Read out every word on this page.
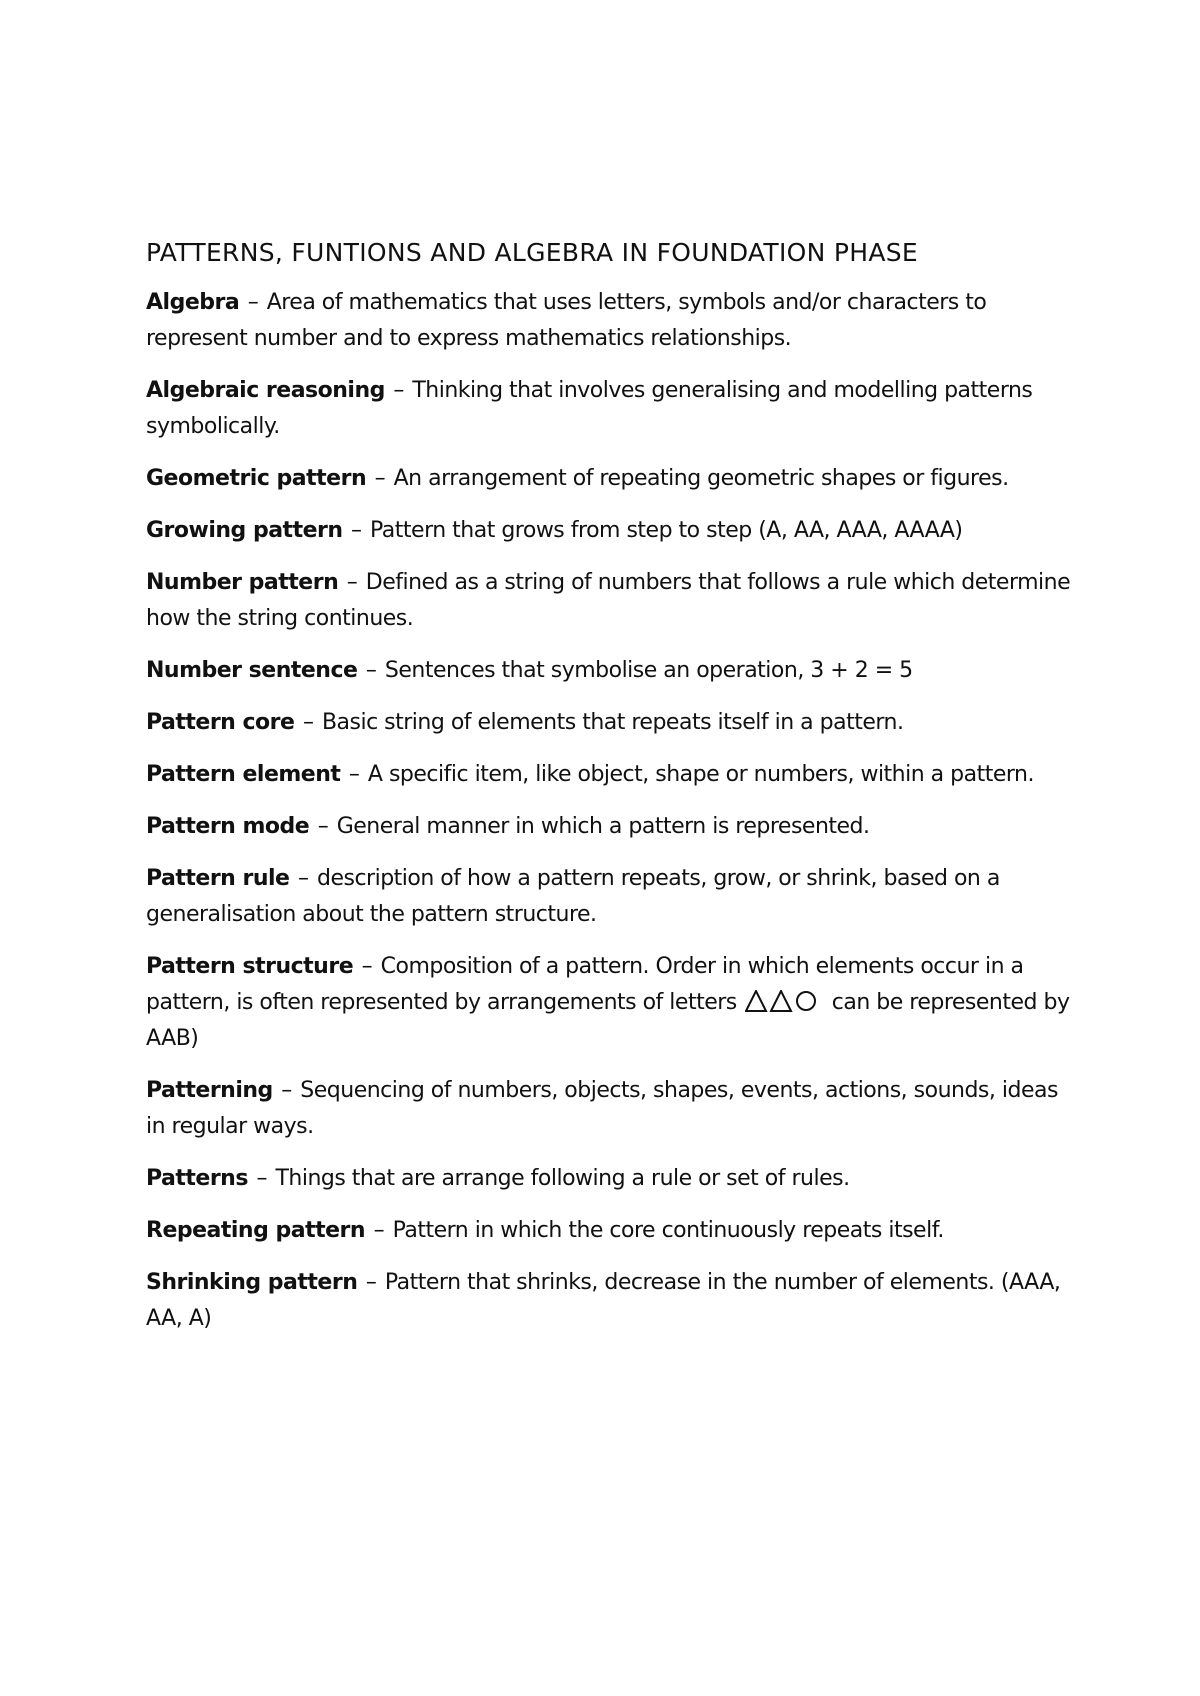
PATTERNS, FUNTIONS AND ALGEBRA IN FOUNDATION PHASE

Algebra – Area of mathematics that uses letters, symbols and/or characters to represent number and to express mathematics relationships.

Algebraic reasoning – Thinking that involves generalising and modelling patterns symbolically.

Geometric pattern – An arrangement of repeating geometric shapes or figures.

Growing pattern – Pattern that grows from step to step (A, AA, AAA, AAAA)

Number pattern – Defined as a string of numbers that follows a rule which determine how the string continues.

Number sentence – Sentences that symbolise an operation, 3 + 2 = 5

Pattern core – Basic string of elements that repeats itself in a pattern.

Pattern element – A specific item, like object, shape or numbers, within a pattern.

Pattern mode – General manner in which a pattern is represented.

Pattern rule – description of how a pattern repeats, grow, or shrink, based on a generalisation about the pattern structure.

Pattern structure – Composition of a pattern. Order in which elements occur in a pattern, is often represented by arrangements of letters	can be represented by AAB)

Patterning – Sequencing of numbers, objects, shapes, events, actions, sounds, ideas in regular ways.

Patterns – Things that are arrange following a rule or set of rules.

Repeating pattern – Pattern in which the core continuously repeats itself.

Shrinking pattern – Pattern that shrinks, decrease in the number of elements. (AAA, AA, A)
